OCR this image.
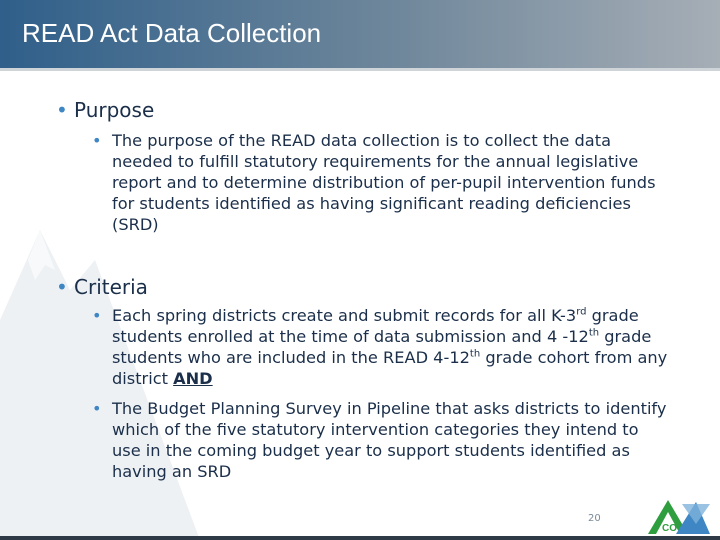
READ Act Data Collection
• Purpose
• The purpose of the READ data collection is to collect the data needed to fulfill statutory requirements for the annual legislative report and to determine distribution of per-pupil intervention funds for students identified as having significant reading deficiencies (SRD)
• Criteria
• Each spring districts create and submit records for all K-3rd grade students enrolled at the time of data submission and 4 -12th grade students who are included in the READ 4-12th grade cohort from any district AND
• The Budget Planning Survey in Pipeline that asks districts to identify which of the five statutory intervention categories they intend to use in the coming budget year to support students identified as having an SRD
20
CO
